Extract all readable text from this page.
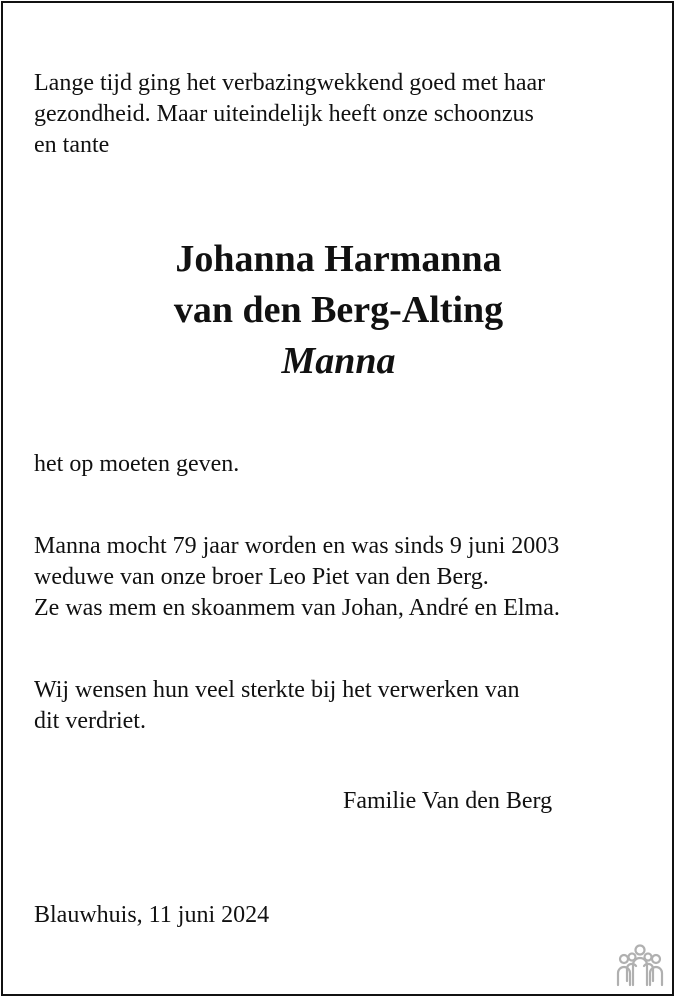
Lange tijd ging het verbazingwekkend goed met haar
gezondheid. Maar uiteindelijk heeft onze schoonzus
en tante

Johanna Harmanna
van den Berg-Alting
Manna

het op moeten geven.

Manna mocht 79 jaar worden en was sinds 9 juni 2003
weduwe van onze broer Leo Piet van den Berg.
Ze was mem en skoanmem van Johan, André en Elma.

Wij wensen hun veel sterkte bij het verwerken van
dit verdriet.

Familie Van den Berg
Blauwhuis, 11 juni 2024
